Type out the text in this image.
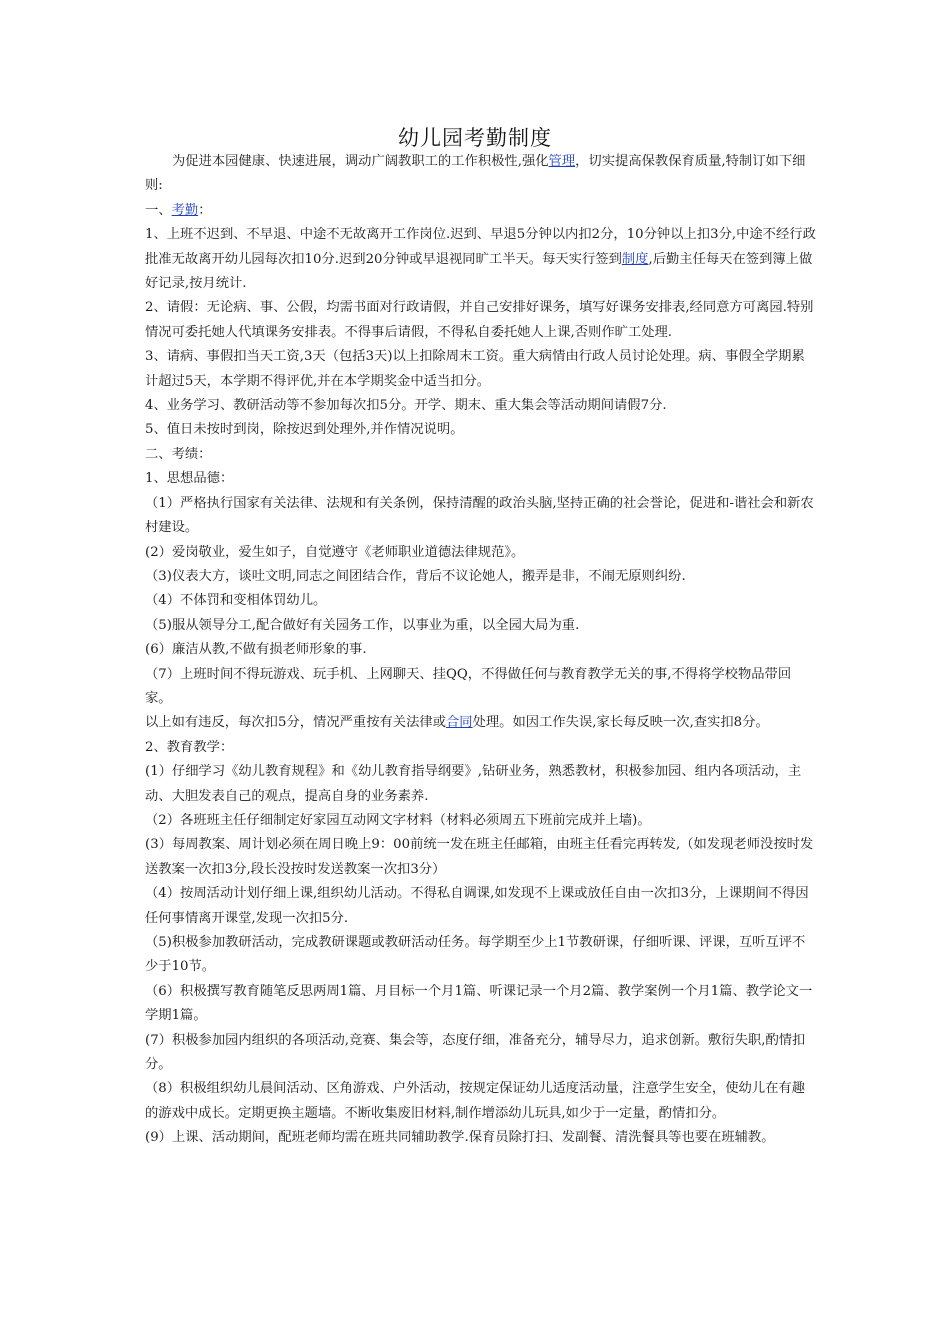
幼儿园考勤制度

为促进本园健康、快速进展，调动广阔教职工的工作积极性,强化管理，切实提高保教保育质量,特制订如下细则:

一、考勤：

1、上班不迟到、不早退、中途不无故离开工作岗位.迟到、早退5分钟以内扣2分，10分钟以上扣3分,中途不经行政批准无故离开幼儿园每次扣10分.迟到20分钟或早退视同旷工半天。每天实行签到制度,后勤主任每天在签到簿上做好记录,按月统计.

2、请假：无论病、事、公假，均需书面对行政请假，并自己安排好课务，填写好课务安排表,经同意方可离园.特别情况可委托她人代填课务安排表。不得事后请假，不得私自委托她人上课,否则作旷工处理.

3、请病、事假扣当天工资,3天（包括3天)以上扣除周末工资。重大病情由行政人员讨论处理。病、事假全学期累计超过5天，本学期不得评优,并在本学期奖金中适当扣分。

4、业务学习、教研活动等不参加每次扣5分。开学、期末、重大集会等活动期间请假7分.

5、值日未按时到岗，除按迟到处理外,并作情况说明。

二、考绩：

1、思想品德：

（1）严格执行国家有关法律、法规和有关条例，保持清醒的政治头脑,坚持正确的社会誉论，促进和-谐社会和新农村建设。

(2）爱岗敬业，爱生如子，自觉遵守《老师职业道德法律规范》。

（3)仪表大方，谈吐文明,同志之间团结合作，背后不议论她人，搬弄是非，不闹无原则纠纷.

（4）不体罚和变相体罚幼儿。

（5)服从领导分工,配合做好有关园务工作，以事业为重，以全园大局为重.

(6）廉洁从教,不做有损老师形象的事.

（7）上班时间不得玩游戏、玩手机、上网聊天、挂QQ，不得做任何与教育教学无关的事,不得将学校物品带回家。

以上如有违反，每次扣5分，情况严重按有关法律或合同处理。如因工作失误,家长每反映一次,查实扣8分。

2、教育教学：

(1）仔细学习《幼儿教育规程》和《幼儿教育指导纲要》,钻研业务，熟悉教材，积极参加园、组内各项活动，主动、大胆发表自己的观点，提高自身的业务素养.

（2）各班班主任仔细制定好家园互动网文字材料（材料必须周五下班前完成并上墙)。

(3）每周教案、周计划必须在周日晚上9：00前统一发在班主任邮箱，由班主任看完再转发,（如发现老师没按时发送教案一次扣3分,段长没按时发送教案一次扣3分）

（4）按周活动计划仔细上课,组织幼儿活动。不得私自调课,如发现不上课或放任自由一次扣3分，上课期间不得因任何事情离开课堂,发现一次扣5分.

（5)积极参加教研活动，完成教研课题或教研活动任务。每学期至少上1节教研课，仔细听课、评课，互听互评不少于10节。

（6）积极撰写教育随笔反思两周1篇、月目标一个月1篇、听课记录一个月2篇、教学案例一个月1篇、教学论文一学期1篇。

(7）积极参加园内组织的各项活动,竞赛、集会等，态度仔细，准备充分，辅导尽力，追求创新。敷衍失职,酌情扣分。

（8）积极组织幼儿晨间活动、区角游戏、户外活动，按规定保证幼儿适度活动量，注意学生安全，使幼儿在有趣的游戏中成长。定期更换主题墙。不断收集废旧材料,制作增添幼儿玩具,如少于一定量，酌情扣分。

(9）上课、活动期间，配班老师均需在班共同辅助教学.保育员除打扫、发副餐、清洗餐具等也要在班辅教。
